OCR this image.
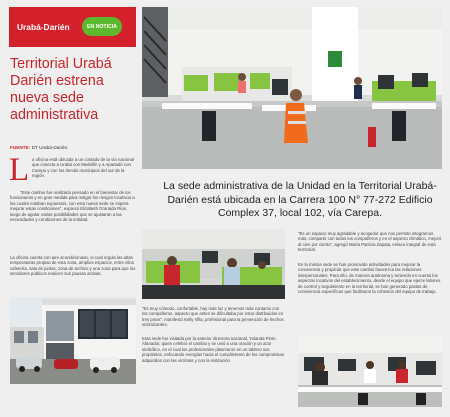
Urabá-Darién	EN NOTICIA
Territorial Urabá Darién estrena nueva sede administrativa
FUENTE: DT Urabá-Darién.
L a oficina está ubicada a un costado de la vía nacional que conecta a Urabá con Medellín y a Apartadó con Carepa y con los demás municipios del sur de la región.
"Este cambio fue realizado pensado en el bienestar de los funcionarios y en gran medida para mitigar los riesgos locativos a los cuales estaban expuestos, con esta nueva sede se espera mejorar estas condiciones", expresó Elizabeth Granada Ríos, luego de agotar varias posibilidades que se ajustaran a las necesidades y condiciones de la entidad.
La oficina cuenta con aire acondicionado, el cual regula las altas temperaturas propias de esta zona, amplios espacios, entre ellos cafetería, sala de juntas, zona de archivo y una zona para que los servidores públicos realicen sus pausas activas.
La sede administrativa de la Unidad en la Territorial Urabá-Darién está ubicada en la Carrera 100 N° 77-272 Edificio Complex 37, local 102, vía Carepa.
"Es muy cómodo, confortable, hay más luz y tenemos más contacto con los compañeros, aspecto que antes se dificultaba por estar distribuidos en tres pisos", manifestó Kelly Villa, profesional para la prevención de hechos victimizantes.
Esta sede fue visitada por la anterior directora nacional, Yolanda Pinto Afanador, quien celebró el cambio y se unió a una oración y un acto simbólico, en el cual los profesionales plasmaron en un tablero sus propósitos, enfocando energías hacia el cumplimiento de los compromisos adquiridos con las víctimas y con la institución
"Es un espacio muy agradable y acogedor que nos permite integrarnos más, compartir con todos los compañeros y en el aspecto climático, mejoró al cien por ciento", agregó María Patricia Zapata, enlace integral de esta territorial.
En la misma sede se han promovido actividades para mejorar la convivencia y propiciar que este cambio favorezca las relaciones interpersonales. Para ello, de manera autónoma y teniendo en cuenta los aspectos locativos del establecimiento, desde el equipo que ejerce labores de control y seguimiento en la territorial, se han generado pastas de convivencia específicas que facilitaron la cohesión del equipo de trabajo.
